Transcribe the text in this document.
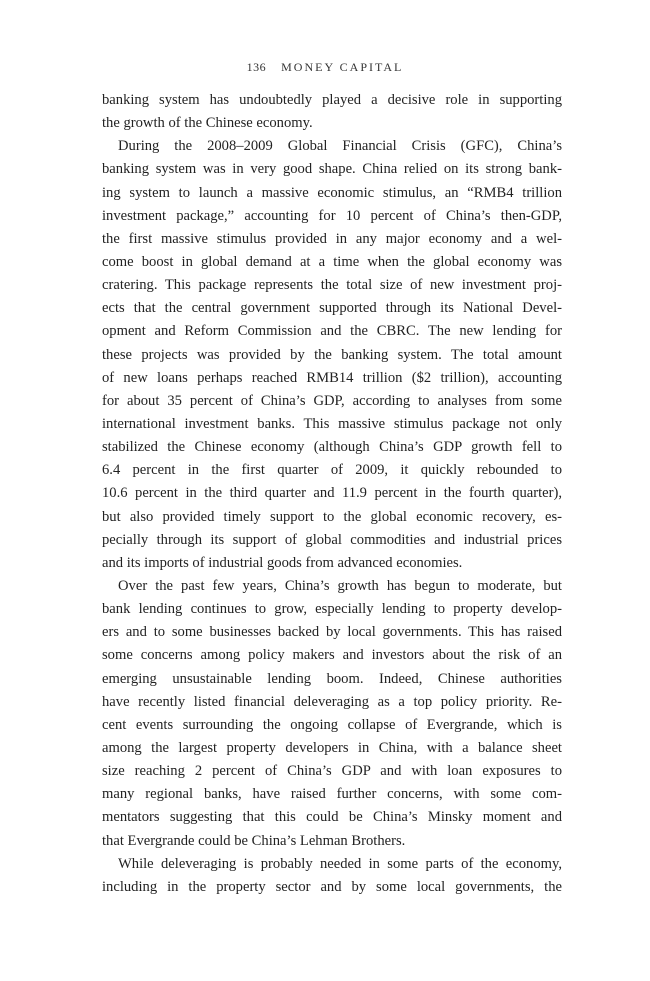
136 MONEY CAPITAL
banking system has undoubtedly played a decisive role in supporting
the growth of the Chinese economy.
During the 2008–2009 Global Financial Crisis (GFC), China’s
banking system was in very good shape. China relied on its strong bank-
ing system to launch a massive economic stimulus, an “RMB4 trillion
investment package,” accounting for 10 percent of China’s then-GDP,
the first massive stimulus provided in any major economy and a wel-
come boost in global demand at a time when the global economy was
cratering. This package represents the total size of new investment proj-
ects that the central government supported through its National Devel-
opment and Reform Commission and the CBRC. The new lending for
these projects was provided by the banking system. The total amount
of new loans perhaps reached RMB14 trillion ($2 trillion), accounting
for about 35 percent of China’s GDP, according to analyses from some
international investment banks. This massive stimulus package not only
stabilized the Chinese economy (although China’s GDP growth fell to
6.4 percent in the first quarter of 2009, it quickly rebounded to
10.6 percent in the third quarter and 11.9 percent in the fourth quarter),
but also provided timely support to the global economic recovery, es-
pecially through its support of global commodities and industrial prices
and its imports of industrial goods from advanced economies.
Over the past few years, China’s growth has begun to moderate, but
bank lending continues to grow, especially lending to property develop-
ers and to some businesses backed by local governments. This has raised
some concerns among policy makers and investors about the risk of an
emerging unsustainable lending boom. Indeed, Chinese authorities
have recently listed financial deleveraging as a top policy priority. Re-
cent events surrounding the ongoing collapse of Evergrande, which is
among the largest property developers in China, with a balance sheet
size reaching 2 percent of China’s GDP and with loan exposures to
many regional banks, have raised further concerns, with some com-
mentators suggesting that this could be China’s Minsky moment and
that Evergrande could be China’s Lehman Brothers.
While deleveraging is probably needed in some parts of the economy,
including in the property sector and by some local governments, the
